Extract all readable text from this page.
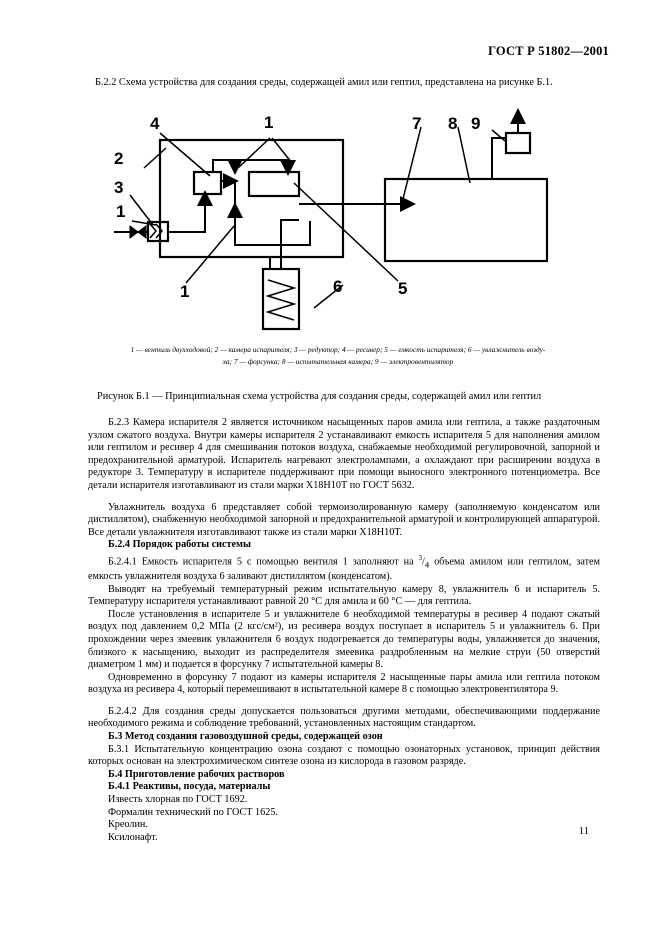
ГОСТ Р 51802—2001
Б.2.2 Схема устройства для создания среды, содержащей амил или гептил, представлена на рисунке Б.1.
1
1
1
2
3
4
5
6
7 8 9
1 — вентиль двухходовой; 2 — камера испарителя; 3 — редуктор; 4 — ресивер; 5 — емкость испарителя; 6 — увлажнитель возду-
ха; 7 — форсунка; 8 — испытательная камера; 9 — электровентилятор
Рисунок Б.1 — Принципиальная схема устройства для создания среды, содержащей амил или гептил

Б.2.3 Камера испарителя 2 является источником насыщенных паров амила или гептила, а также раздаточным узлом сжатого воздуха. Внутри камеры испарителя 2 устанавливают емкость испарителя 5 для наполнения амилом или гептилом и ресивер 4 для смешивания потоков воздуха, снабжаемые необходимой регулировочной, запорной и предохранительной арматурой. Испаритель нагревают электролампами, а охлаждают при расширении воздуха в редукторе 3. Температуру в испарителе поддерживают при помощи выносного электронного потенциометра. Все детали испарителя изготавливают из стали марки Х18Н10Т по ГОСТ 5632.

Увлажнитель воздуха 6 представляет собой термоизолированную камеру (заполняемую конденсатом или дистиллятом), снабженную необходимой запорной и предохранительной арматурой и контролирующей аппаратурой. Все детали увлажнителя изготавливают также из стали марки Х18Н10Т.

Б.2.4 Порядок работы системы

Б.2.4.1 Емкость испарителя 5 с помощью вентиля 1 заполняют на $^3/_4$ объема амилом или гептилом, затем емкость увлажнителя воздуха 6 заливают дистиллятом (конденсатом).

Выводят на требуемый температурный режим испытательную камеру 8, увлажнитель 6 и испаритель 5. Температуру испарителя устанавливают равной 20 °С для амила и 60 °С — для гептила.

После установления в испарителе 5 и увлажнителе 6 необходимой температуры в ресивер 4 подают сжатый воздух под давлением 0,2 МПа (2 кгс/см²), из ресивера воздух поступает в испаритель 5 и увлажнитель 6. При прохождении через змеевик увлажнителя 6 воздух подогревается до температуры воды, увлажняется до значения, близкого к насыщению, выходит из распределителя змеевика раздробленным на мелкие струи (50 отверстий диаметром 1 мм) и подается в форсунку 7 испытательной камеры 8.

Одновременно в форсунку 7 подают из камеры испарителя 2 насыщенные пары амила или гептила потоком воздуха из ресивера 4, который перемешивают в испытательной камере 8 с помощью электровентилятора 9.

Б.2.4.2 Для создания среды допускается пользоваться другими методами, обеспечивающими поддержание необходимого режима и соблюдение требований, установленных настоящим стандартом.

Б.3 Метод создания газовоздушной среды, содержащей озон

Б.3.1 Испытательную концентрацию озона создают с помощью озонаторных установок, принцип действия которых основан на электрохимическом синтезе озона из кислорода в газовом разряде.

Б.4 Приготовление рабочих растворов

Б.4.1 Реактивы, посуда, материалы

Известь хлорная по ГОСТ 1692.

Формалин технический по ГОСТ 1625.

Креолин.

Ксилонафт.

11
